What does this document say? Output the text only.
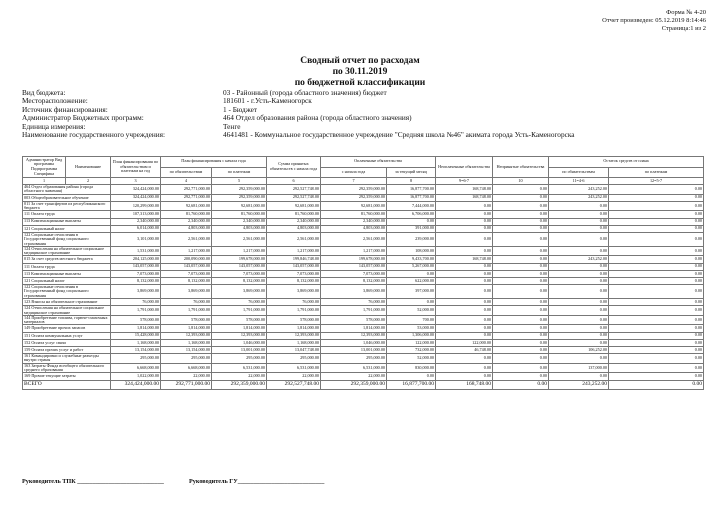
Форма № 4-20
Отчет произведен: 05.12.2019 8:14:46
Страница:1 из 2
Сводный отчет по расходам
по 30.11.2019
по бюджетной классификации
Вид бюджета:	03 - Районный (города областного значения) бюджет
Месторасположение:	181601 - г.Усть-Каменогорск
Источник финансирования:	1 - Бюджет
Администратор Бюджетных программ:	464 Отдел образования района (города областного значения)
Единица измерения:	Тенге
Наименование государственного учреждения:	4641481 - Коммунальное государственное учреждение "Средняя школа №46" акимата города Усть-Каменогорска
Администратор Вид программы Подпрограмма Специфика	Наименование	План финансирования по обязательствам и платежам на год	План финансирования с начала года		Сумма принятых обязательств с начала года	Оплаченные обязательства		Неоплаченные обязательства	Непринятые обязательства	Остаток средств от плана	
			по обязательствам	по платежам		с начала года	за текущий месяц			по обязательствам	по платежам
1	2	3	4	5	6	7	8	9=6-7	10	11=4-6	12=5-7
464 Отдел образования района (города областного значения)		324,424,000.00	292,771,000.00	292,359,000.00	292,527,748.00	292,359,000.00	16,877,700.00	168,748.00	0.00	243,252.00	0.00
003 Общеобразовательное обучение		324,424,000.00	292,771,000.00	292,359,000.00	292,527,748.00	292,359,000.00	16,877,700.00	168,748.00	0.00	243,252.00	0.00
011 За счет трансфертов из республиканского бюджета		120,299,000.00	92,681,000.00	92,681,000.00	92,681,000.00	92,681,000.00	7,444,000.00	0.00	0.00	0.00	0.00
111 Оплата труда		107,313,000.00	81,760,000.00	81,760,000.00	81,760,000.00	81,760,000.00	6,706,000.00	0.00	0.00	0.00	0.00
113 Компенсационные выплаты		2,340,000.00	2,340,000.00	2,340,000.00	2,340,000.00	2,340,000.00	0.00	0.00	0.00	0.00	0.00
121 Социальный налог		6,014,000.00	4,803,000.00	4,803,000.00	4,803,000.00	4,803,000.00	391,000.00	0.00	0.00	0.00	0.00
122 Социальные отчисления в Государственный фонд социального страхования		3,101,000.00	2,561,000.00	2,561,000.00	2,561,000.00	2,561,000.00	239,000.00	0.00	0.00	0.00	0.00
124 Отчисления на обязательное социальное медицинское страхование		1,531,000.00	1,217,000.00	1,217,000.00	1,217,000.00	1,217,000.00	108,000.00	0.00	0.00	0.00	0.00
015 За счет средств местного бюджета		204,125,000.00	200,090,000.00	199,678,000.00	199,846,748.00	199,678,000.00	9,433,700.00	168,748.00	0.00	243,252.00	0.00
111 Оплата труда		143,057,000.00	143,057,000.00	143,057,000.00	143,057,000.00	143,057,000.00	5,267,000.00	0.00	0.00	0.00	0.00
113 Компенсационные выплаты		7,073,000.00	7,073,000.00	7,073,000.00	7,073,000.00	7,073,000.00	0.00	0.00	0.00	0.00	0.00
121 Социальный налог		8,132,000.00	8,132,000.00	8,132,000.00	8,132,000.00	8,132,000.00	622,000.00	0.00	0.00	0.00	0.00
122 Социальные отчисления в Государственный фонд социального страхования		3,869,000.00	3,869,000.00	3,869,000.00	3,869,000.00	3,869,000.00	397,000.00	0.00	0.00	0.00	0.00
123 Взносы на обязательное страхование		76,000.00	76,000.00	76,000.00	76,000.00	76,000.00	0.00	0.00	0.00	0.00	0.00
124 Отчисления на обязательное социальное медицинское страхование		1,791,000.00	1,791,000.00	1,791,000.00	1,791,000.00	1,791,000.00	52,000.00	0.00	0.00	0.00	0.00
144 Приобретение топлива, горюче-смазочных материалов		578,000.00	578,000.00	578,000.00	578,000.00	578,000.00	700.00	0.00	0.00	0.00	0.00
149 Приобретение прочих запасов		1,814,000.00	1,814,000.00	1,814,000.00	1,814,000.00	1,814,000.00	53,000.00	0.00	0.00	0.00	0.00
151 Оплата коммунальных услуг		15,428,000.00	12,393,000.00	12,393,000.00	12,393,000.00	12,393,000.00	1,306,000.00	0.00	0.00	0.00	0.00
152 Оплата услуг связи		1,168,000.00	1,168,000.00	1,046,000.00	1,168,000.00	1,046,000.00	122,000.00	122,000.00	0.00	0.00	0.00
159 Оплата прочих услуг и работ		13,154,000.00	13,154,000.00	13,001,000.00	13,047,748.00	13,001,000.00	732,000.00	46,748.00	0.00	106,252.00	0.00
161 Командировки и служебные разъезды внутри страны		295,000.00	295,000.00	295,000.00	295,000.00	295,000.00	52,000.00	0.00	0.00	0.00	0.00
163 Затраты Фонда всеобщего обязательного среднего образования		6,668,000.00	6,668,000.00	6,531,000.00	6,531,000.00	6,531,000.00	830,000.00	0.00	0.00	137,000.00	0.00
169 Прочие текущие затраты		1,022,000.00	22,000.00	22,000.00	22,000.00	22,000.00	0.00	0.00	0.00	0.00	0.00
ВСЕГО		324,424,000.00	292,771,000.00	292,359,000.00	292,527,748.00	292,359,000.00	16,877,700.00	168,748.00	0.00	243,252.00	0.00
Руководитель ТПК ____________________________	Руководитель ГУ____________________________
